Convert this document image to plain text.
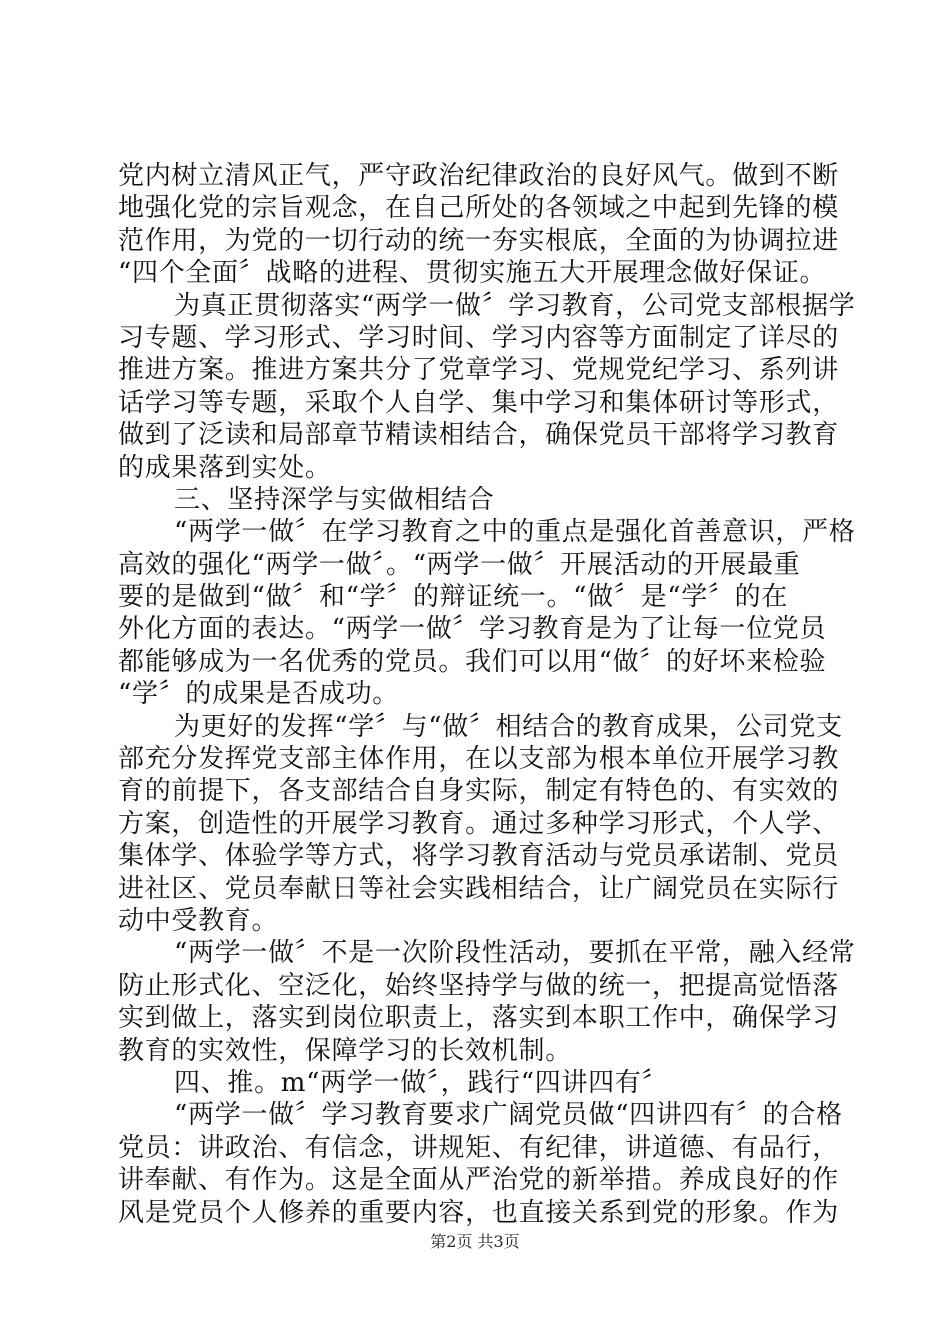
党内树立清风正气，严守政治纪律政治的良好风气。做到不断
地强化党的宗旨观念，在自己所处的各领域之中起到先锋的模
范作用，为党的一切行动的统一夯实根底，全面的为协调拉进
“四个全面〞战略的进程、贯彻实施五大开展理念做好保证。
为真正贯彻落实“两学一做〞学习教育，公司党支部根据学
习专题、学习形式、学习时间、学习内容等方面制定了详尽的
推进方案。推进方案共分了党章学习、党规党纪学习、系列讲
话学习等专题，采取个人自学、集中学习和集体研讨等形式，
做到了泛读和局部章节精读相结合，确保党员干部将学习教育
的成果落到实处。
三、坚持深学与实做相结合
“两学一做〞在学习教育之中的重点是强化首善意识，严格
高效的强化“两学一做〞。“两学一做〞开展活动的开展最重
要的是做到“做〞和“学〞的辩证统一。“做〞是“学〞的在
外化方面的表达。“两学一做〞学习教育是为了让每一位党员
都能够成为一名优秀的党员。我们可以用“做〞的好坏来检验
“学〞的成果是否成功。
为更好的发挥“学〞与“做〞相结合的教育成果，公司党支
部充分发挥党支部主体作用，在以支部为根本单位开展学习教
育的前提下，各支部结合自身实际，制定有特色的、有实效的
方案，创造性的开展学习教育。通过多种学习形式，个人学、
集体学、体验学等方式，将学习教育活动与党员承诺制、党员
进社区、党员奉献日等社会实践相结合，让广阔党员在实际行
动中受教育。
“两学一做〞不是一次阶段性活动，要抓在平常，融入经常
防止形式化、空泛化，始终坚持学与做的统一，把提高觉悟落
实到做上，落实到岗位职责上，落实到本职工作中，确保学习
教育的实效性，保障学习的长效机制。
四、推。m“两学一做〞，践行“四讲四有〞
“两学一做〞学习教育要求广阔党员做“四讲四有〞的合格
党员：讲政治、有信念，讲规矩、有纪律，讲道德、有品行，
讲奉献、有作为。这是全面从严治党的新举措。养成良好的作
风是党员个人修养的重要内容，也直接关系到党的形象。作为
第2页 共3页
